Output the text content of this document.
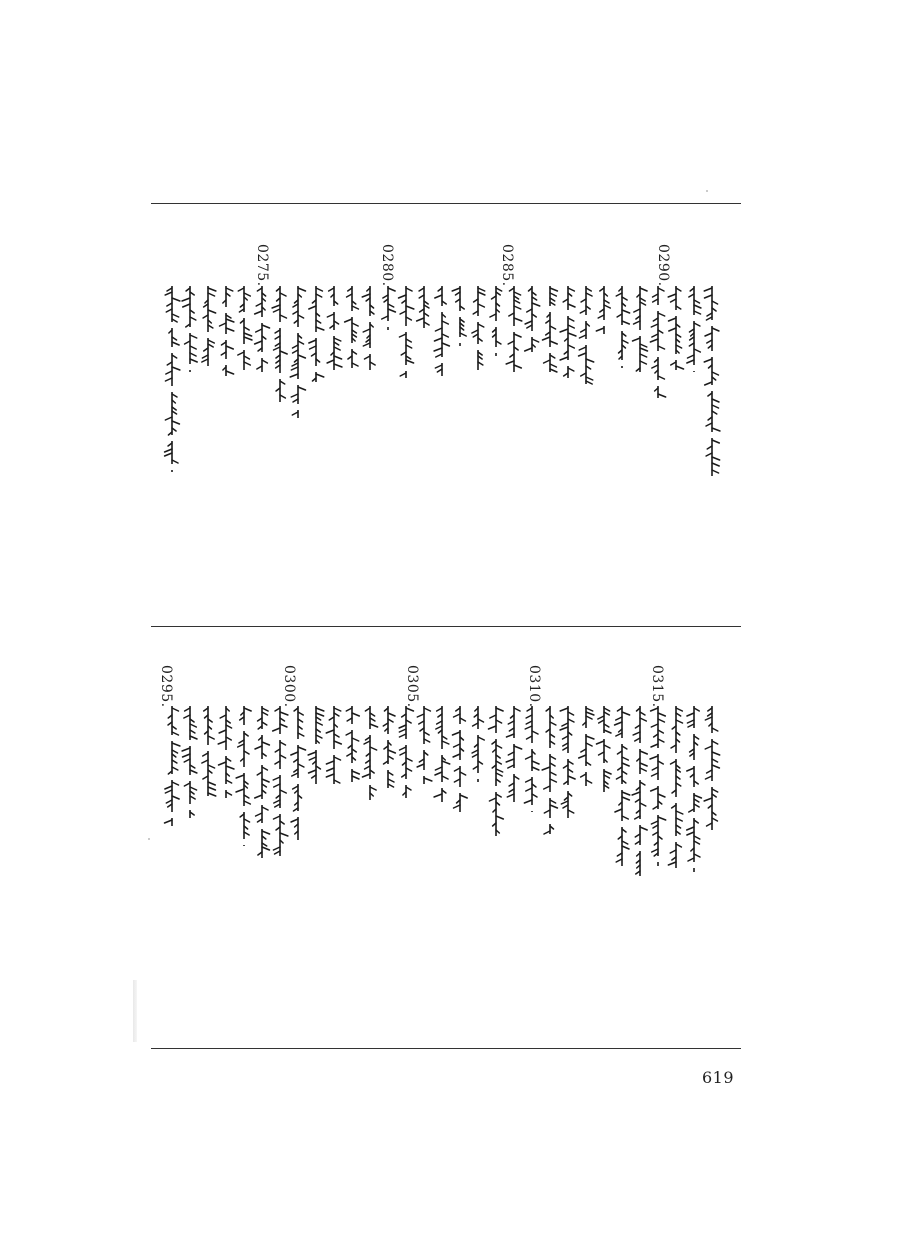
0290.
0285.
0280.
0275.
0315.
0310.
0305.
0300.
0295.
619
